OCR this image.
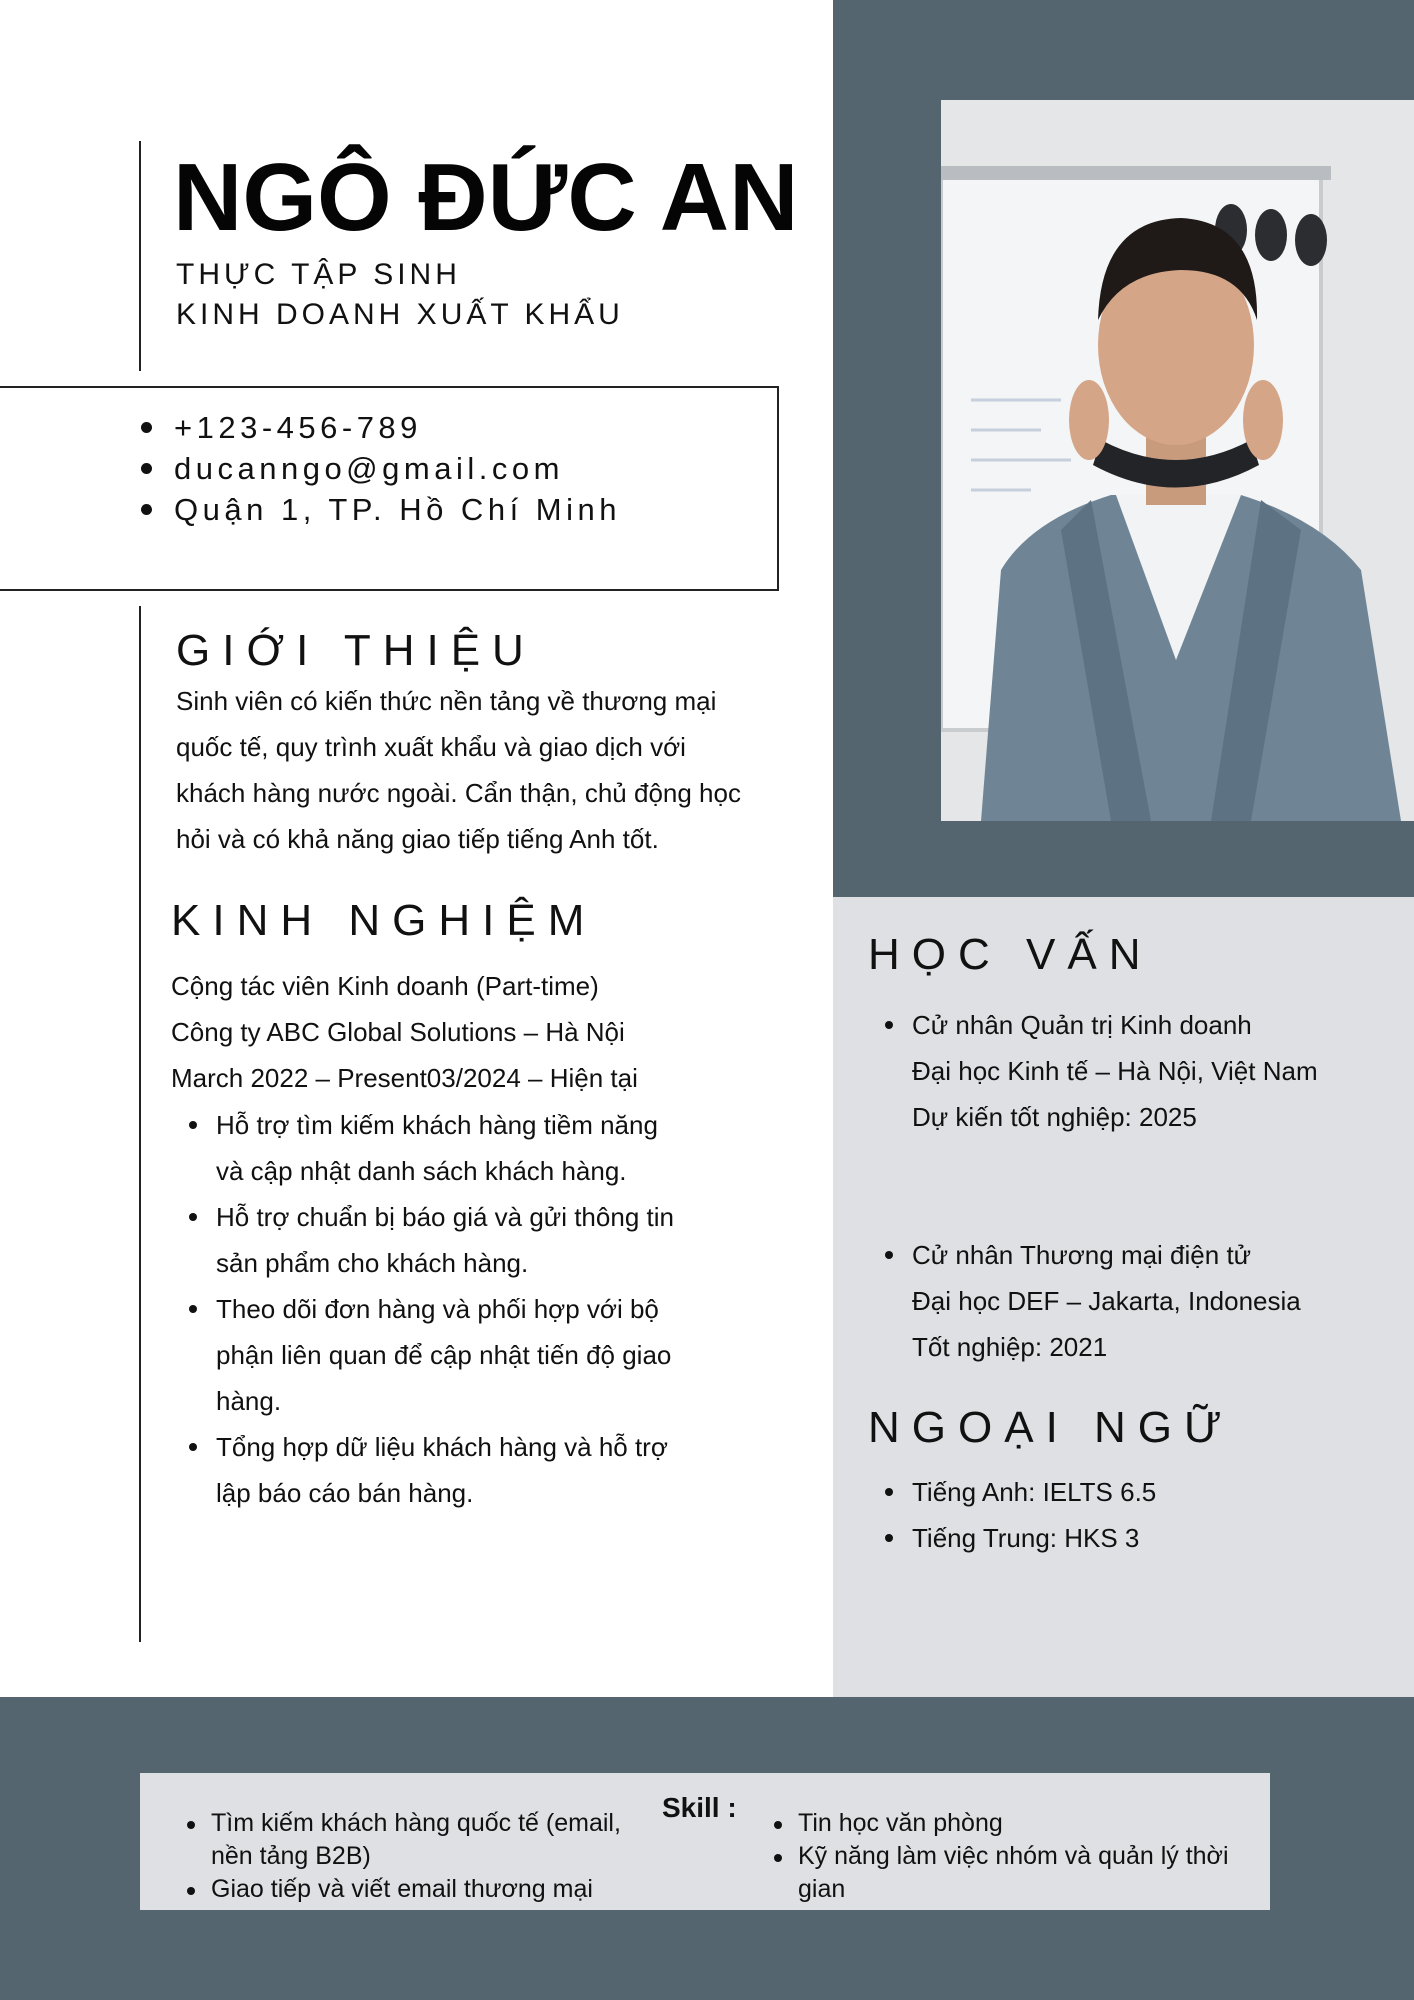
NGÔ ĐỨC AN
THỰC TẬP SINH
KINH DOANH XUẤT KHẨU
+123-456-789
ducanngo@gmail.com
Quận 1, TP. Hồ Chí Minh
GIỚI THIỆU
Sinh viên có kiến thức nền tảng về thương mại
quốc tế, quy trình xuất khẩu và giao dịch với
khách hàng nước ngoài. Cẩn thận, chủ động học
hỏi và có khả năng giao tiếp tiếng Anh tốt.
KINH NGHIỆM
Cộng tác viên Kinh doanh (Part-time)
Công ty ABC Global Solutions – Hà Nội
March 2022 – Present03/2024 – Hiện tại
Hỗ trợ tìm kiếm khách hàng tiềm năng và cập nhật danh sách khách hàng.
Hỗ trợ chuẩn bị báo giá và gửi thông tin sản phẩm cho khách hàng.
Theo dõi đơn hàng và phối hợp với bộ phận liên quan để cập nhật tiến độ giao hàng.
Tổng hợp dữ liệu khách hàng và hỗ trợ lập báo cáo bán hàng.
HỌC VẤN
Cử nhân Quản trị Kinh doanh
Đại học Kinh tế – Hà Nội, Việt Nam
Dự kiến tốt nghiệp: 2025
Cử nhân Thương mại điện tử
Đại học DEF – Jakarta, Indonesia
Tốt nghiệp: 2021
NGOẠI NGỮ
Tiếng Anh: IELTS 6.5
Tiếng Trung: HKS 3
Skill :
Tìm kiếm khách hàng quốc tế (email, nền tảng B2B)
Giao tiếp và viết email thương mại
Tin học văn phòng
Kỹ năng làm việc nhóm và quản lý thời gian
